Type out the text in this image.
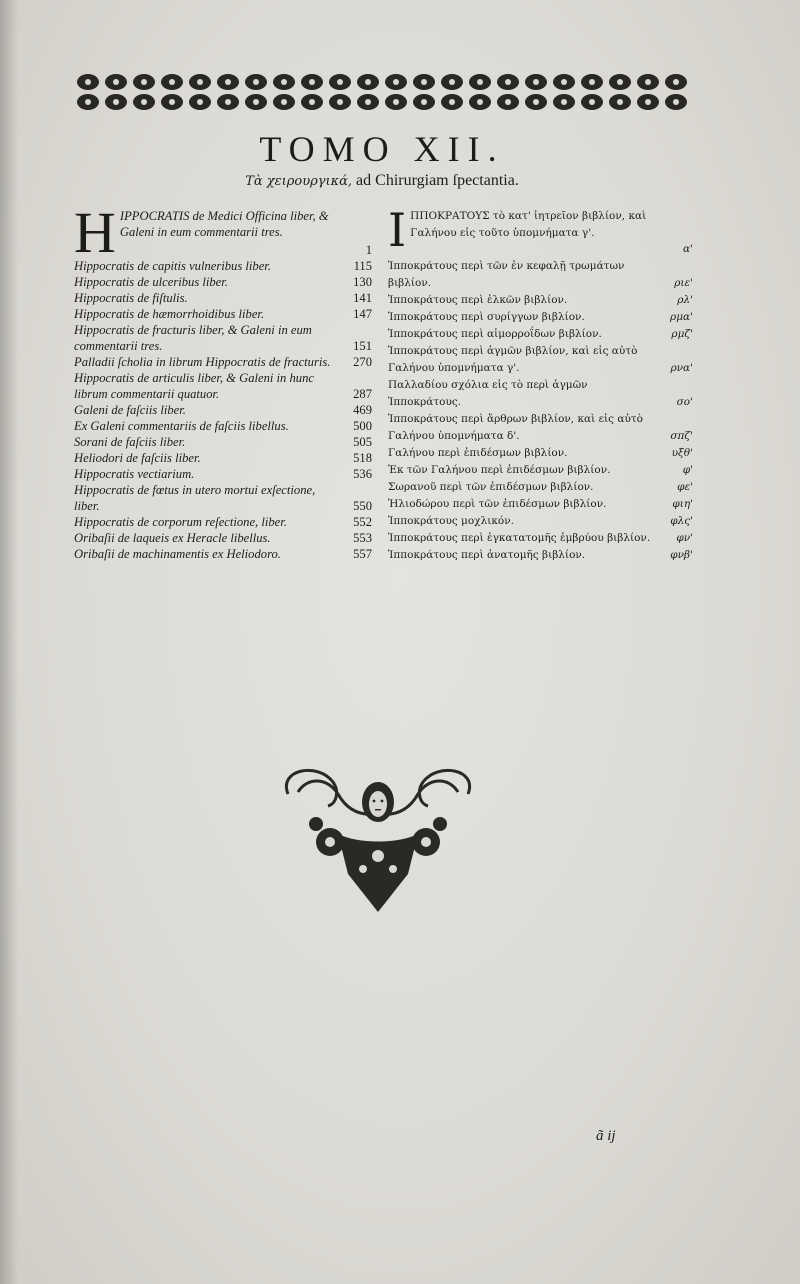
TOMO XII.
Τὰ χειρουργικά, ad Chirurgiam ſpectantia.
H IPPOCRATIS de Medici Officina liber, & Galeni in eum commentarii tres.
1
Hippocratis de capitis vulneribus liber.	115
Hippocratis de ulceribus liber.	130
Hippocratis de fiſtulis.	141
Hippocratis de hæmorrhoidibus liber.	147
Hippocratis de fracturis liber, & Galeni in eum commentarii tres.	151
Palladii ſcholia in librum Hippocratis de fracturis.	270
Hippocratis de articulis liber, & Galeni in hunc librum commentarii quatuor.	287
Galeni de faſciis liber.	469
Ex Galeni commentariis de faſciis libellus.	500
Sorani de faſciis liber.	505
Heliodori de faſciis liber.	518
Hippocratis vectiarium.	536
Hippocratis de fœtus in utero mortui exſectione, liber.	550
Hippocratis de corporum reſectione, liber.	552
Oribaſii de laqueis ex Heracle libellus.	553
Oribaſii de machinamentis ex Heliodoro.	557
Ι ΠΠΟΚΡΑΤΟΥΣ τὸ κατ' ἰητρεῖον βιβλίον, καὶ Γαλήνου εἰς τοῦτο ὑπομνήματα γ'.
α'
Ἱπποκράτους περὶ τῶν ἐν κεφαλῇ τρωμάτων βιβλίον.	ριε'
Ἱπποκράτους περὶ ἑλκῶν βιβλίον.	ρλ'
Ἱπποκράτους περὶ συρίγγων βιβλίον.	ρμα'
Ἱπποκράτους περὶ αἱμορροΐδων βιβλίον.	ρμζ'
Ἱπποκράτους περὶ ἀγμῶν βιβλίον, καὶ εἰς αὐτὸ Γαλήνου ὑπομνήματα γ'.	ρνα'
Παλλαδίου σχόλια εἰς τὸ περὶ ἀγμῶν Ἱπποκράτους.	σο'
Ἱπποκράτους περὶ ἄρθρων βιβλίον, καὶ εἰς αὐτὸ Γαλήνου ὑπομνήματα δ'.	σπζ'
Γαλήνου περὶ ἐπιδέσμων βιβλίον.	υξθ'
Ἐκ τῶν Γαλήνου περὶ ἐπιδέσμων βιβλίον.	φ'
Σωρανοῦ περὶ τῶν ἐπιδέσμων βιβλίον.	φε'
Ἡλιοδώρου περὶ τῶν ἐπιδέσμων βιβλίον.	φιη'
Ἱπποκράτους μοχλικόν.	φλς'
Ἱπποκράτους περὶ ἐγκατατομῆς ἐμβρύου βιβλίον.	φν'
Ἱπποκράτους περὶ ἀνατομῆς βιβλίον.	φνβ'
ã ij
